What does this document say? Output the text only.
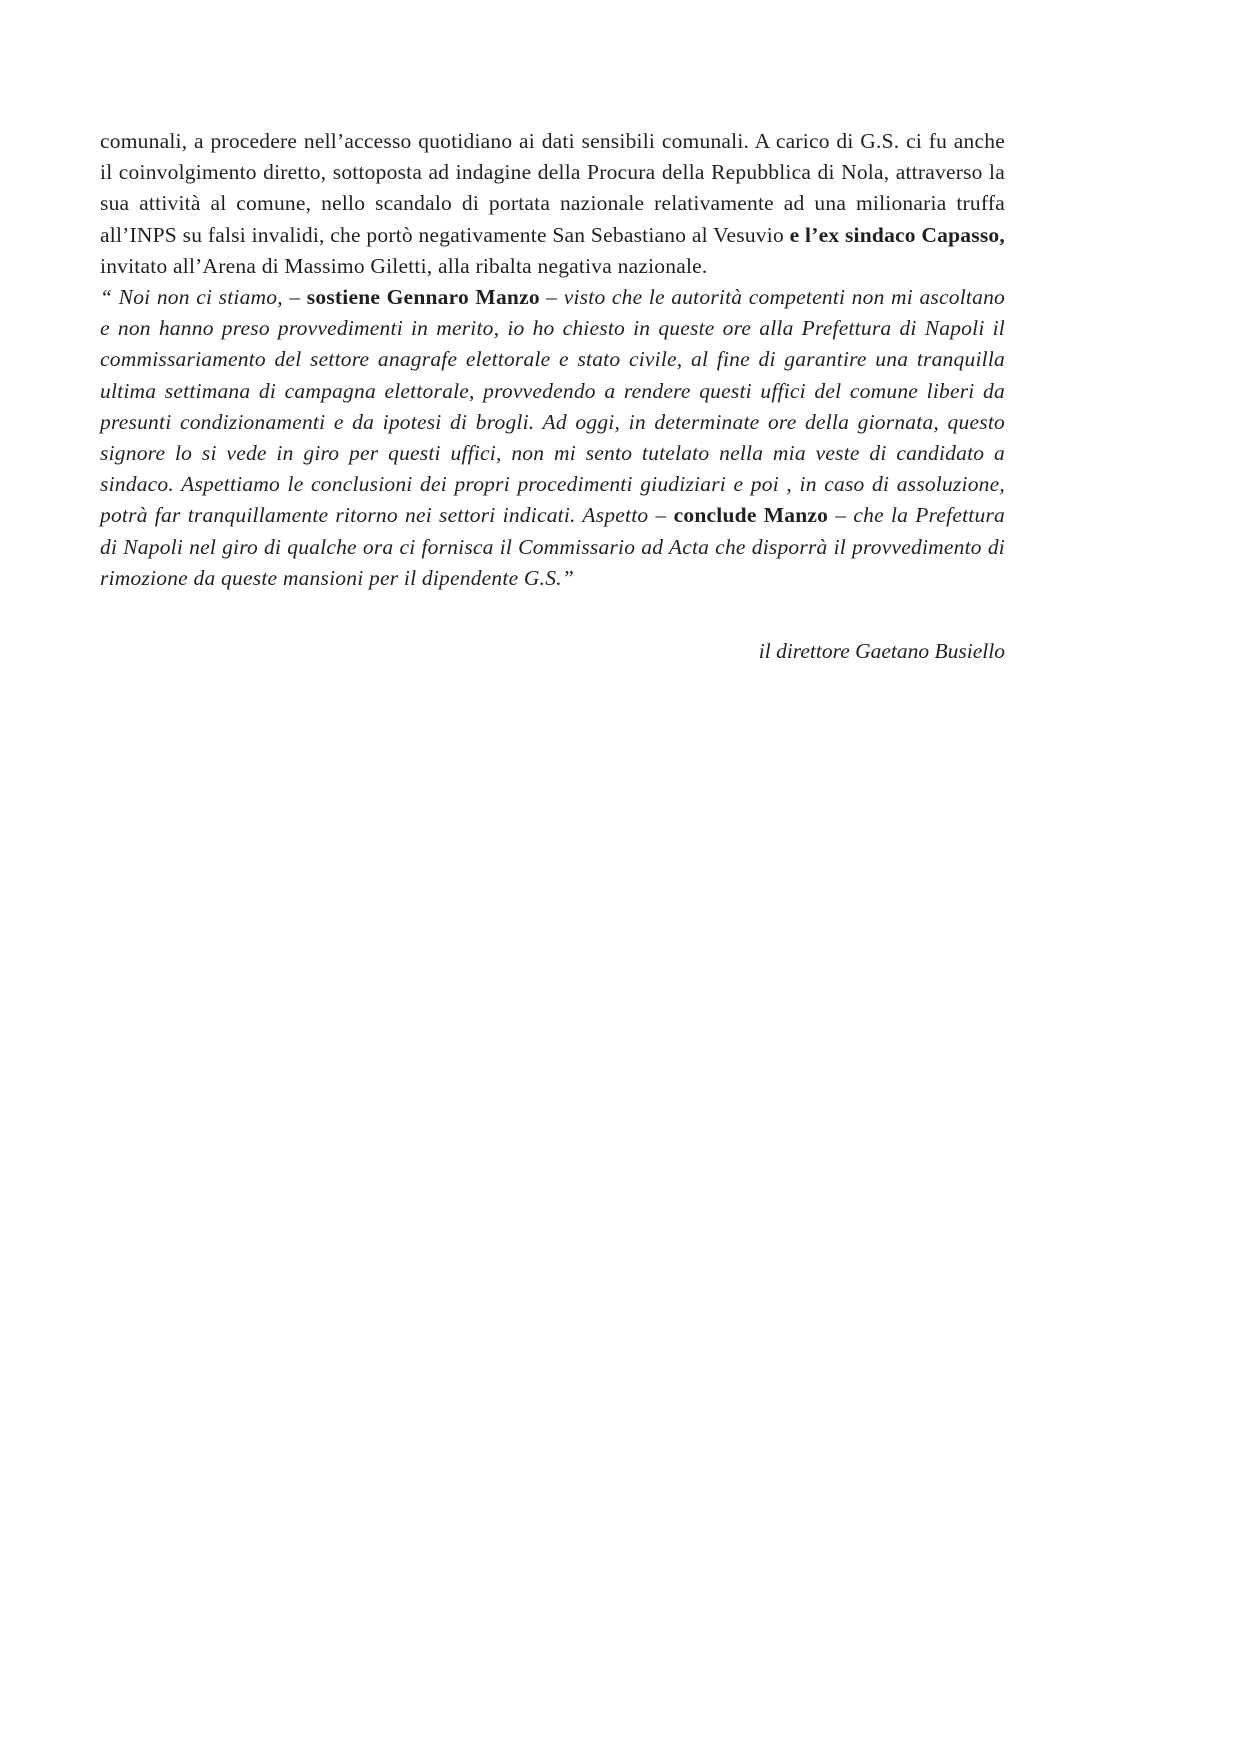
comunali, a procedere nell’accesso quotidiano ai dati sensibili comunali. A carico di G.S. ci fu anche il coinvolgimento diretto, sottoposta ad indagine della Procura della Repubblica di Nola, attraverso la sua attività al comune, nello scandalo di portata nazionale relativamente ad una milionaria truffa all’INPS su falsi invalidi, che portò negativamente San Sebastiano al Vesuvio e l’ex sindaco Capasso, invitato all’Arena di Massimo Giletti, alla ribalta negativa nazionale.

“ Noi non ci stiamo, – sostiene Gennaro Manzo – visto che le autorità competenti non mi ascoltano e non hanno preso provvedimenti in merito, io ho chiesto in queste ore alla Prefettura di Napoli il commissariamento del settore anagrafe elettorale e stato civile, al fine di garantire una tranquilla ultima settimana di campagna elettorale, provvedendo a rendere questi uffici del comune liberi da presunti condizionamenti e da ipotesi di brogli. Ad oggi, in determinate ore della giornata, questo signore lo si vede in giro per questi uffici, non mi sento tutelato nella mia veste di candidato a sindaco. Aspettiamo le conclusioni dei propri procedimenti giudiziari e poi , in caso di assoluzione, potrà far tranquillamente ritorno nei settori indicati. Aspetto – conclude Manzo – che la Prefettura di Napoli nel giro di qualche ora ci fornisca il Commissario ad Acta che disporrà il provvedimento di rimozione da queste mansioni per il dipendente G.S.”

il direttore Gaetano Busiello
